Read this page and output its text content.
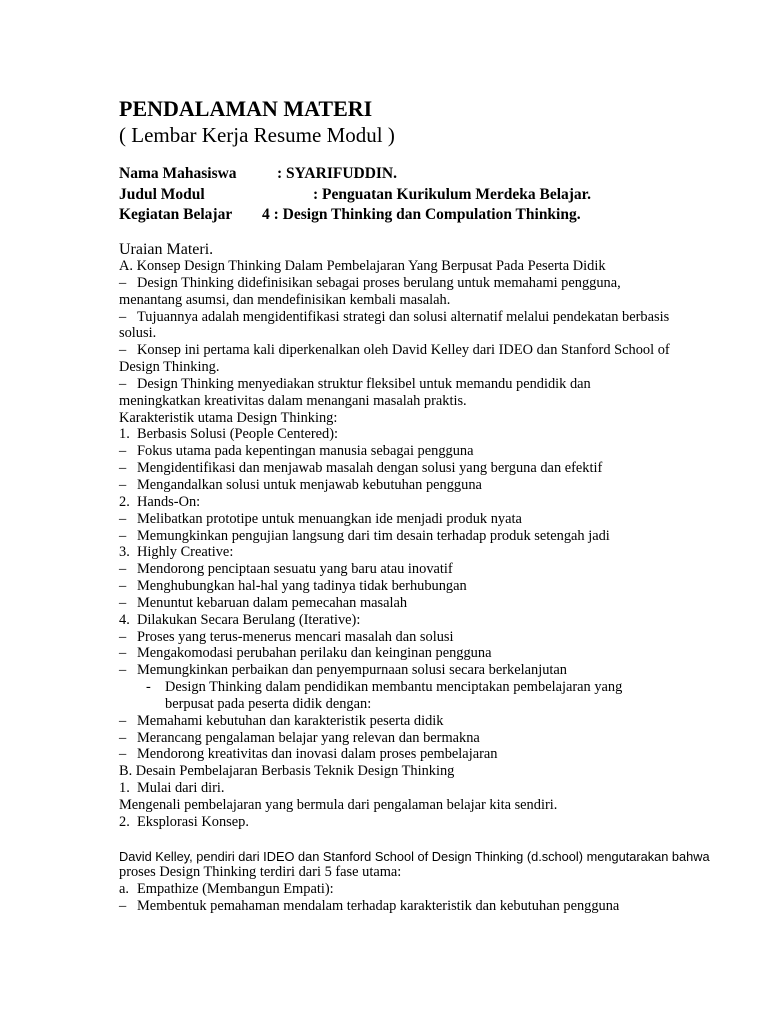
PENDALAMAN MATERI
( Lembar Kerja Resume Modul )
Nama Mahasiswa	: SYARIFUDDIN.
Judul Modul	: Penguatan Kurikulum Merdeka Belajar.
Kegiatan Belajar 4 : Design Thinking dan Compulation Thinking.
Uraian Materi.
A. Konsep Design Thinking Dalam Pembelajaran Yang Berpusat Pada Peserta Didik
– Design Thinking didefinisikan sebagai proses berulang untuk memahami pengguna,
menantang asumsi, dan mendefinisikan kembali masalah.
– Tujuannya adalah mengidentifikasi strategi dan solusi alternatif melalui pendekatan berbasis
solusi.
– Konsep ini pertama kali diperkenalkan oleh David Kelley dari IDEO dan Stanford School of
Design Thinking.
– Design Thinking menyediakan struktur fleksibel untuk memandu pendidik dan
meningkatkan kreativitas dalam menangani masalah praktis.
Karakteristik utama Design Thinking:
1. Berbasis Solusi (People Centered):
– Fokus utama pada kepentingan manusia sebagai pengguna
– Mengidentifikasi dan menjawab masalah dengan solusi yang berguna dan efektif
– Mengandalkan solusi untuk menjawab kebutuhan pengguna
2. Hands-On:
– Melibatkan prototipe untuk menuangkan ide menjadi produk nyata
– Memungkinkan pengujian langsung dari tim desain terhadap produk setengah jadi
3. Highly Creative:
– Mendorong penciptaan sesuatu yang baru atau inovatif
– Menghubungkan hal-hal yang tadinya tidak berhubungan
– Menuntut kebaruan dalam pemecahan masalah
4. Dilakukan Secara Berulang (Iterative):
– Proses yang terus-menerus mencari masalah dan solusi
– Mengakomodasi perubahan perilaku dan keinginan pengguna
– Memungkinkan perbaikan dan penyempurnaan solusi secara berkelanjutan
- Design Thinking dalam pendidikan membantu menciptakan pembelajaran yang
berpusat pada peserta didik dengan:
– Memahami kebutuhan dan karakteristik peserta didik
– Merancang pengalaman belajar yang relevan dan bermakna
– Mendorong kreativitas dan inovasi dalam proses pembelajaran
B. Desain Pembelajaran Berbasis Teknik Design Thinking
1. Mulai dari diri.
Mengenali pembelajaran yang bermula dari pengalaman belajar kita sendiri.
2. Eksplorasi Konsep.
David Kelley, pendiri dari IDEO dan Stanford School of Design Thinking (d.school) mengutarakan bahwa
proses Design Thinking terdiri dari 5 fase utama:
a. Empathize (Membangun Empati):
– Membentuk pemahaman mendalam terhadap karakteristik dan kebutuhan pengguna
